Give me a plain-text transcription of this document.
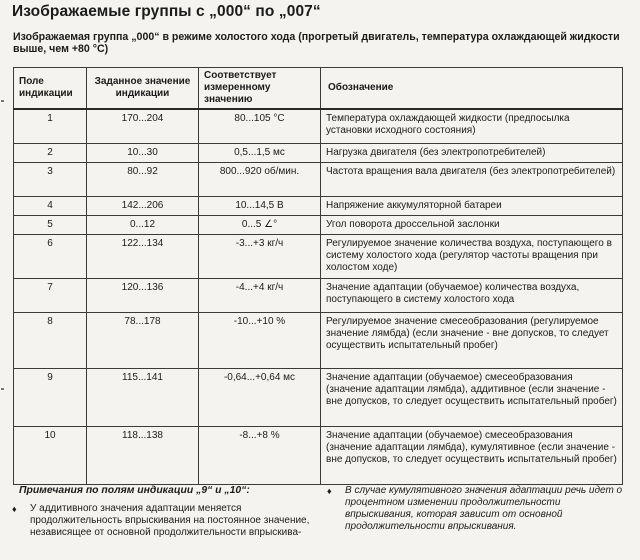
Изображаемые группы с „000“ по „007“
Изображаемая группа „000“ в режиме холостого хода (прогретый двигатель, температура охлаждающей жидкости выше, чем +80 °C)
Поле индикации	Заданное значение индикации	Соответствует измеренному значению	Обозначение
1	170...204	80...105 °C	Температура охлаждающей жидкости (предпосылка установки исходного состояния)
2	10...30	0,5...1,5 мс	Нагрузка двигателя (без электропотребителей)
3	80...92	800...920 об/мин.	Частота вращения вала двигателя (без электропотребителей)
4	142...206	10...14,5 В	Напряжение аккумуляторной батареи
5	0...12	0...5 ∠°	Угол поворота дроссельной заслонки
6	122...134	-3...+3 кг/ч	Регулируемое значение количества воздуха, поступающего в систему холостого хода (регулятор частоты вращения при холостом ходе)
7	120...136	-4...+4 кг/ч	Значение адаптации (обучаемое) количества воздуха, поступающего в систему холостого хода
8	78...178	-10...+10 %	Регулируемое значение смесеобразования (регулируемое значение лямбда) (если значение - вне допусков, то следует осуществить испытательный пробег)
9	115...141	-0,64...+0,64 мс	Значение адаптации (обучаемое) смесеобразования (значение адаптации лямбда), аддитивное (если значение - вне допусков, то следует осуществить испытательный пробег)
10	118...138	-8...+8 %	Значение адаптации (обучаемое) смесеобразования (значение адаптации лямбда), кумулятивное (если значение - вне допусков, то следует осуществить испытательный пробег)
Примечания по полям индикации „9“ и „10“:
♦	У аддитивного значения адаптации меняется продолжительность впрыскивания на постоянное значение, независящее от основной продолжительности впрыскива-
♦	В случае кумулятивного значения адаптации речь идет о процентном изменении продолжительности впрыскивания, которая зависит от основной продолжительности впрыскивания.
